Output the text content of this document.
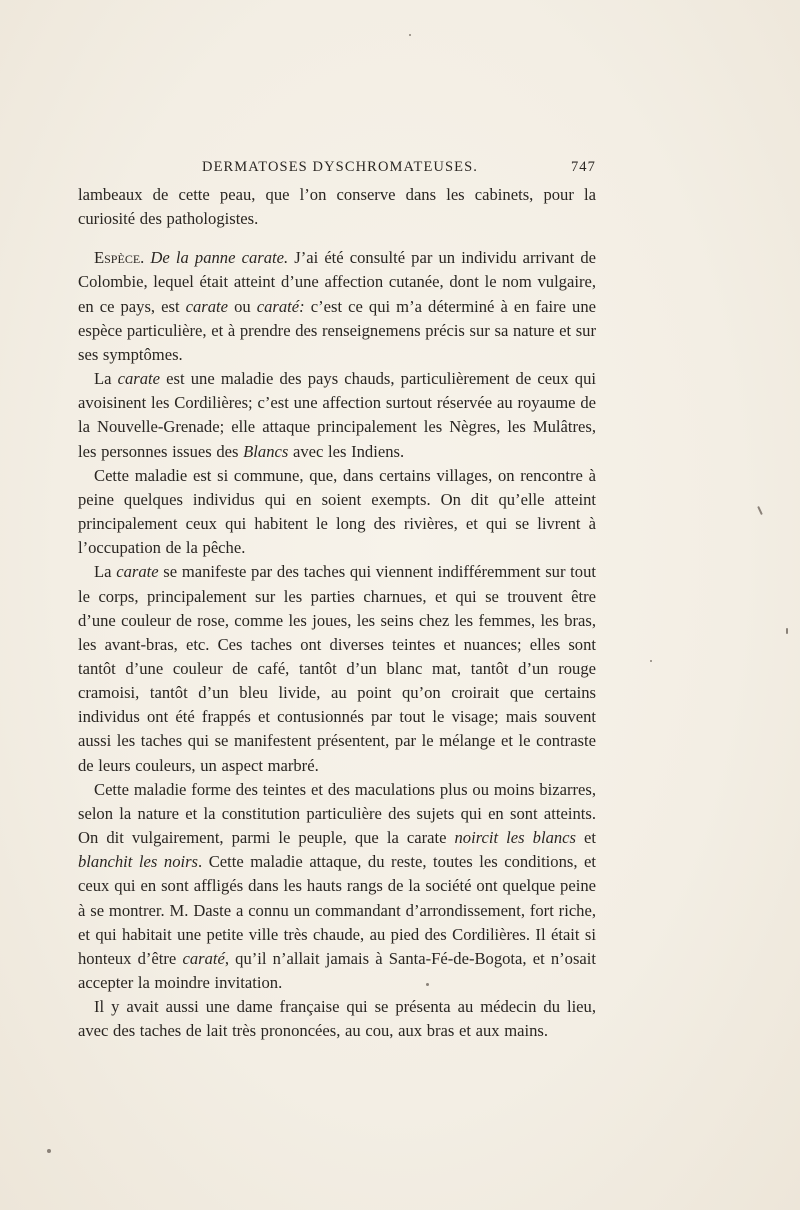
DERMATOSES DYSCHROMATEUSES.	747

lambeaux de cette peau, que l’on conserve dans les cabinets, pour la curiosité des pathologistes.

Espèce. De la panne carate. J’ai été consulté par un individu arrivant de Colombie, lequel était atteint d’une affection cutanée, dont le nom vulgaire, en ce pays, est carate ou caraté: c’est ce qui m’a déterminé à en faire une espèce particulière, et à prendre des renseignemens précis sur sa nature et sur ses symptômes.

La carate est une maladie des pays chauds, particulièrement de ceux qui avoisinent les Cordilières; c’est une affection surtout réservée au royaume de la Nouvelle-Grenade; elle attaque principalement les Nègres, les Mulâtres, les personnes issues des Blancs avec les Indiens.

Cette maladie est si commune, que, dans certains villages, on rencontre à peine quelques individus qui en soient exempts. On dit qu’elle atteint principalement ceux qui habitent le long des rivières, et qui se livrent à l’occupation de la pêche.

La carate se manifeste par des taches qui viennent indifféremment sur tout le corps, principalement sur les parties charnues, et qui se trouvent être d’une couleur de rose, comme les joues, les seins chez les femmes, les bras, les avant-bras, etc. Ces taches ont diverses teintes et nuances; elles sont tantôt d’une couleur de café, tantôt d’un blanc mat, tantôt d’un rouge cramoisi, tantôt d’un bleu livide, au point qu’on croirait que certains individus ont été frappés et contusionnés par tout le visage; mais souvent aussi les taches qui se manifestent présentent, par le mélange et le contraste de leurs couleurs, un aspect marbré.

Cette maladie forme des teintes et des maculations plus ou moins bizarres, selon la nature et la constitution particulière des sujets qui en sont atteints. On dit vulgairement, parmi le peuple, que la carate noircit les blancs et blanchit les noirs. Cette maladie attaque, du reste, toutes les conditions, et ceux qui en sont affligés dans les hauts rangs de la société ont quelque peine à se montrer. M. Daste a connu un commandant d’arrondissement, fort riche, et qui habitait une petite ville très chaude, au pied des Cordilières. Il était si honteux d’être caraté, qu’il n’allait jamais à Santa-Fé-de-Bogota, et n’osait accepter la moindre invitation.

Il y avait aussi une dame française qui se présenta au médecin du lieu, avec des taches de lait très prononcées, au cou, aux bras et aux mains.
